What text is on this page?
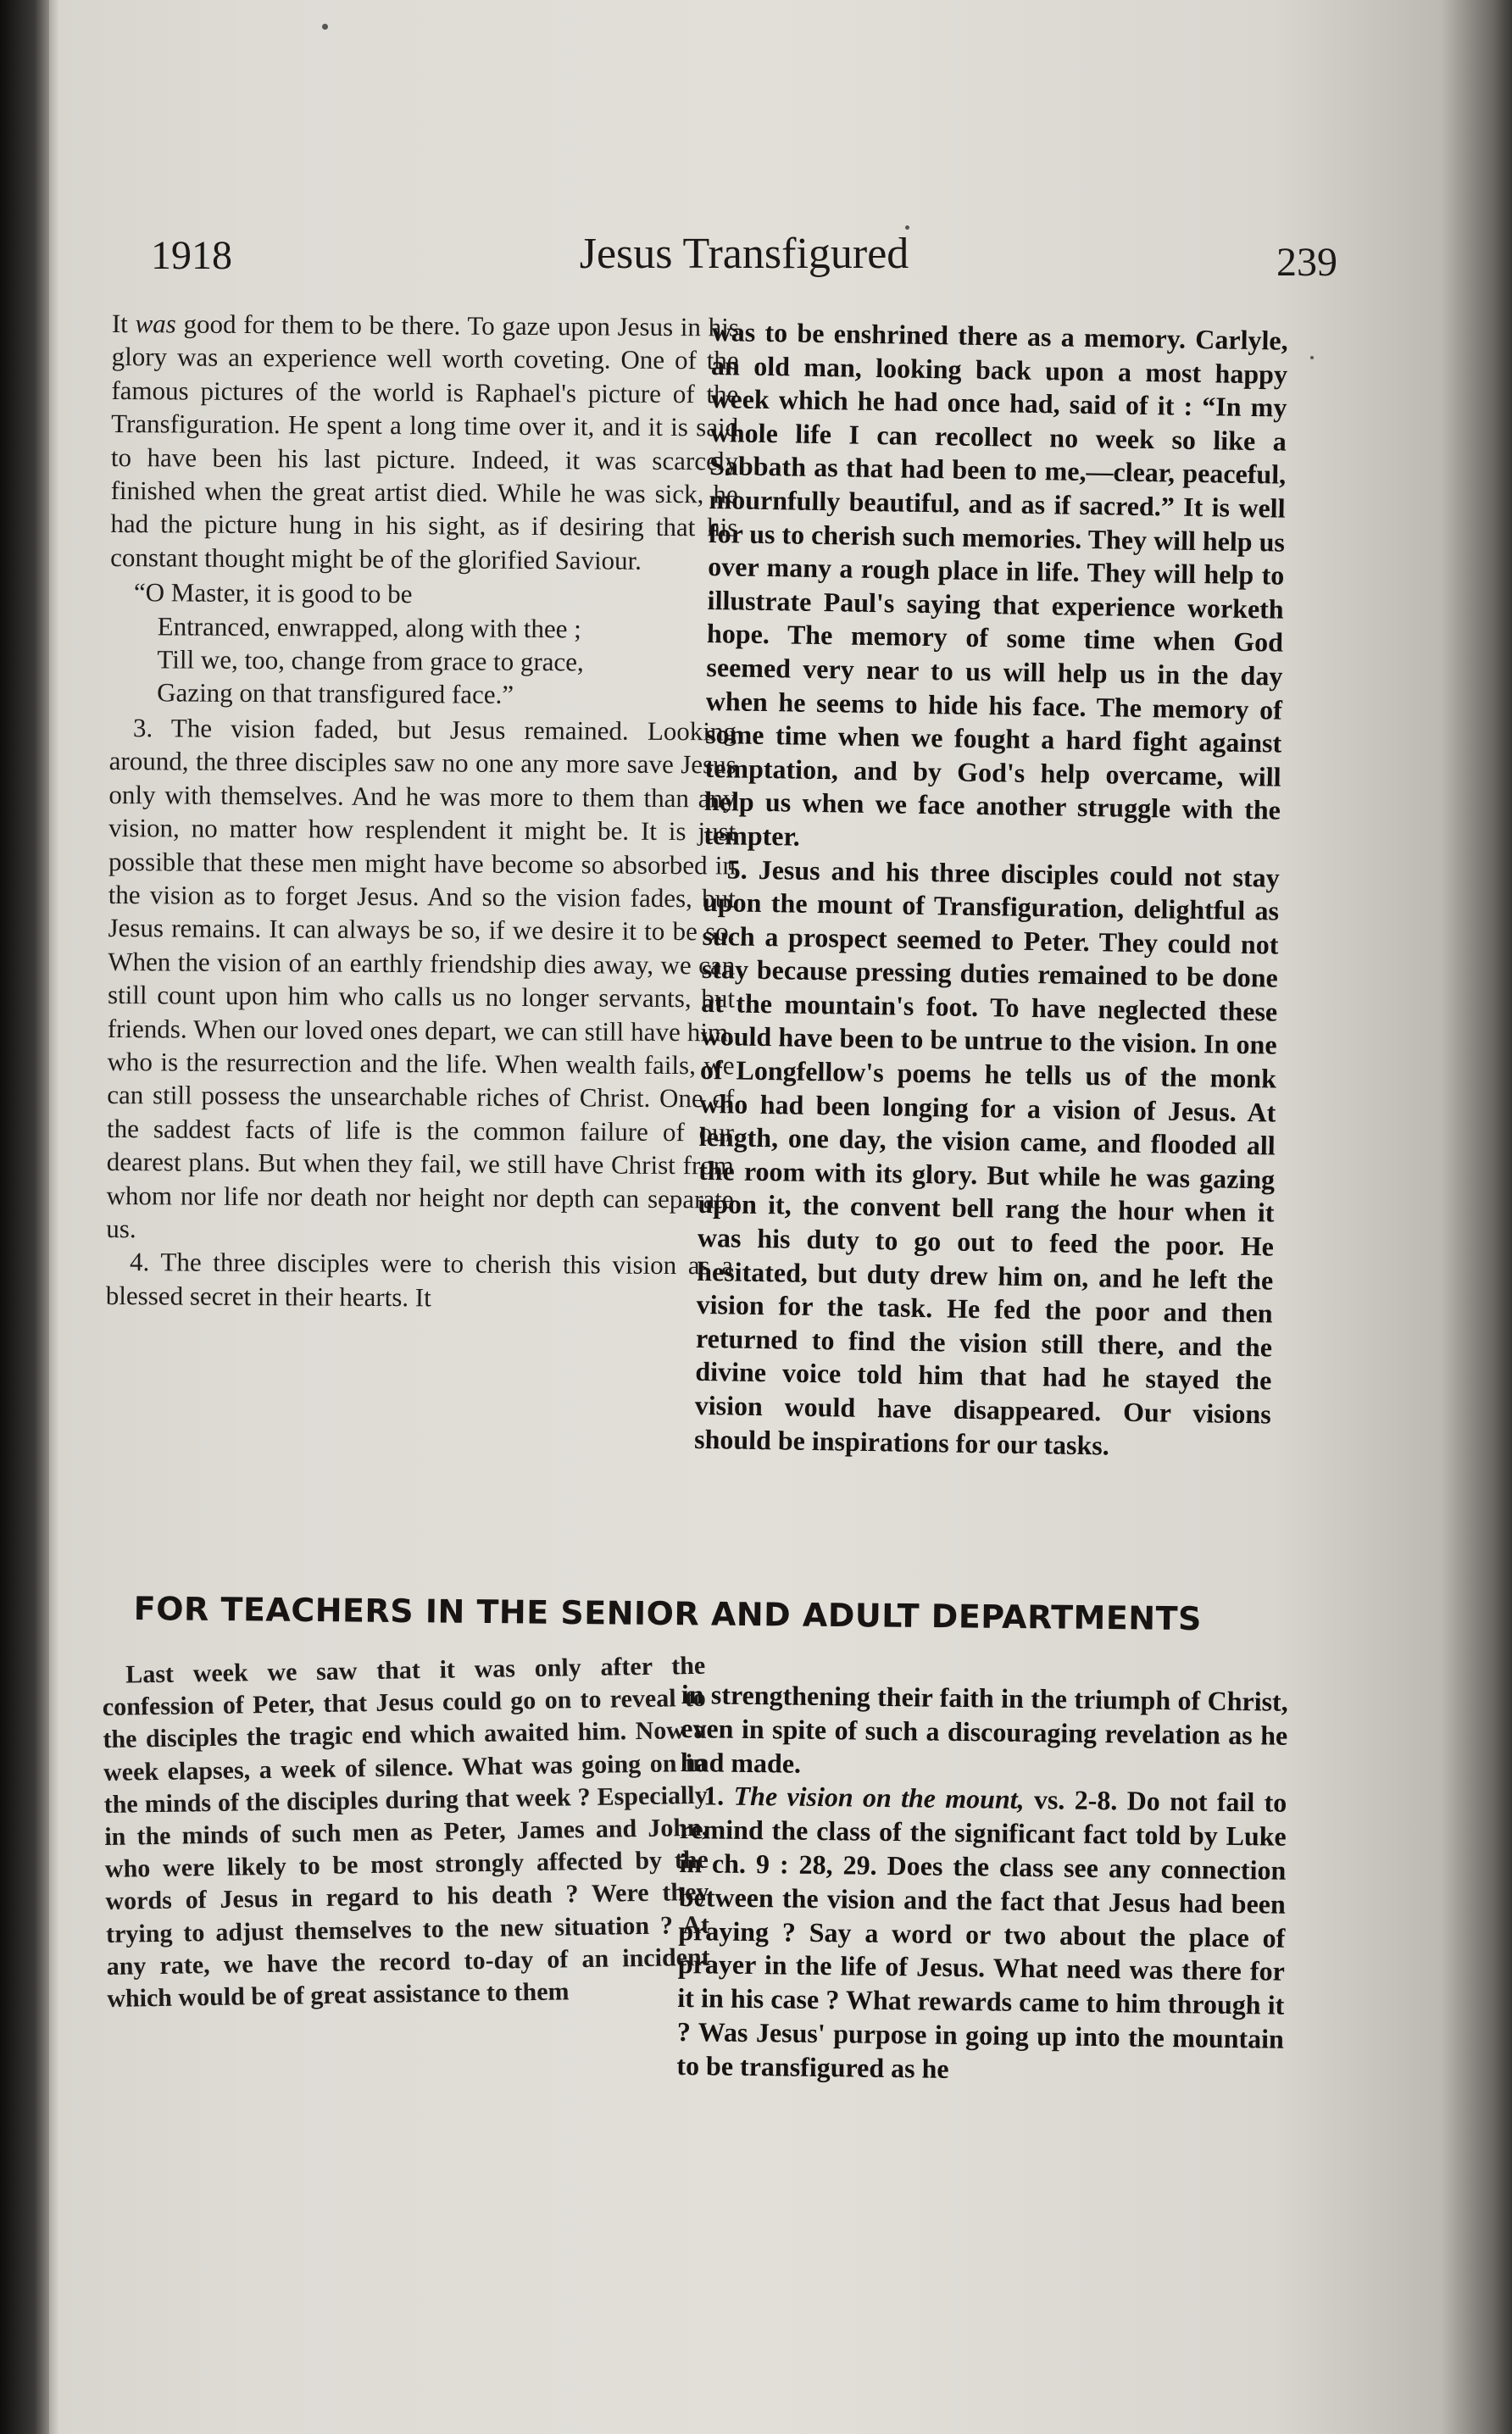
1918	Jesus Transfigured	239

It was good for them to be there. To gaze upon Jesus in his glory was an experience well worth coveting. One of the famous pictures of the world is Raphael's picture of the Transfiguration. He spent a long time over it, and it is said to have been his last picture. Indeed, it was scarcely finished when the great artist died. While he was sick, he had the picture hung in his sight, as if desiring that his constant thought might be of the glorified Saviour.

“O Master, it is good to be
Entranced, enwrapped, along with thee ;
Till we, too, change from grace to grace,
Gazing on that transfigured face.”

3. The vision faded, but Jesus remained. Looking around, the three disciples saw no one any more save Jesus only with themselves. And he was more to them than any vision, no matter how resplendent it might be. It is just possible that these men might have become so absorbed in the vision as to forget Jesus. And so the vision fades, but Jesus remains. It can always be so, if we desire it to be so. When the vision of an earthly friendship dies away, we can still count upon him who calls us no longer servants, but friends. When our loved ones depart, we can still have him, who is the resurrection and the life. When wealth fails, we can still possess the unsearchable riches of Christ. One of the saddest facts of life is the common failure of our dearest plans. But when they fail, we still have Christ from whom nor life nor death nor height nor depth can separate us.

4. The three disciples were to cherish this vision as a blessed secret in their hearts. It

was to be enshrined there as a memory. Carlyle, an old man, looking back upon a most happy week which he had once had, said of it : “In my whole life I can recollect no week so like a Sabbath as that had been to me,—clear, peaceful, mournfully beautiful, and as if sacred.” It is well for us to cherish such memories. They will help us over many a rough place in life. They will help to illustrate Paul's saying that experience worketh hope. The memory of some time when God seemed very near to us will help us in the day when he seems to hide his face. The memory of some time when we fought a hard fight against temptation, and by God's help overcame, will help us when we face another struggle with the tempter.

5. Jesus and his three disciples could not stay upon the mount of Transfiguration, delightful as such a prospect seemed to Peter. They could not stay because pressing duties remained to be done at the mountain's foot. To have neglected these would have been to be untrue to the vision. In one of Longfellow's poems he tells us of the monk who had been longing for a vision of Jesus. At length, one day, the vision came, and flooded all the room with its glory. But while he was gazing upon it, the convent bell rang the hour when it was his duty to go out to feed the poor. He hesitated, but duty drew him on, and he left the vision for the task. He fed the poor and then returned to find the vision still there, and the divine voice told him that had he stayed the vision would have disappeared. Our visions should be inspirations for our tasks.

FOR TEACHERS IN THE SENIOR AND ADULT DEPARTMENTS

Last week we saw that it was only after the confession of Peter, that Jesus could go on to reveal to the disciples the tragic end which awaited him. Now a week elapses, a week of silence. What was going on in the minds of the disciples during that week ? Especially in the minds of such men as Peter, James and John, who were likely to be most strongly affected by the words of Jesus in regard to his death ? Were they trying to adjust themselves to the new situation ? At any rate, we have the record to-day of an incident which would be of great assistance to them

in strengthening their faith in the triumph of Christ, even in spite of such a discouraging revelation as he had made.

1. The vision on the mount, vs. 2-8. Do not fail to remind the class of the significant fact told by Luke in ch. 9 : 28, 29. Does the class see any connection between the vision and the fact that Jesus had been praying ? Say a word or two about the place of prayer in the life of Jesus. What need was there for it in his case ? What rewards came to him through it ? Was Jesus' purpose in going up into the mountain to be transfigured as he
